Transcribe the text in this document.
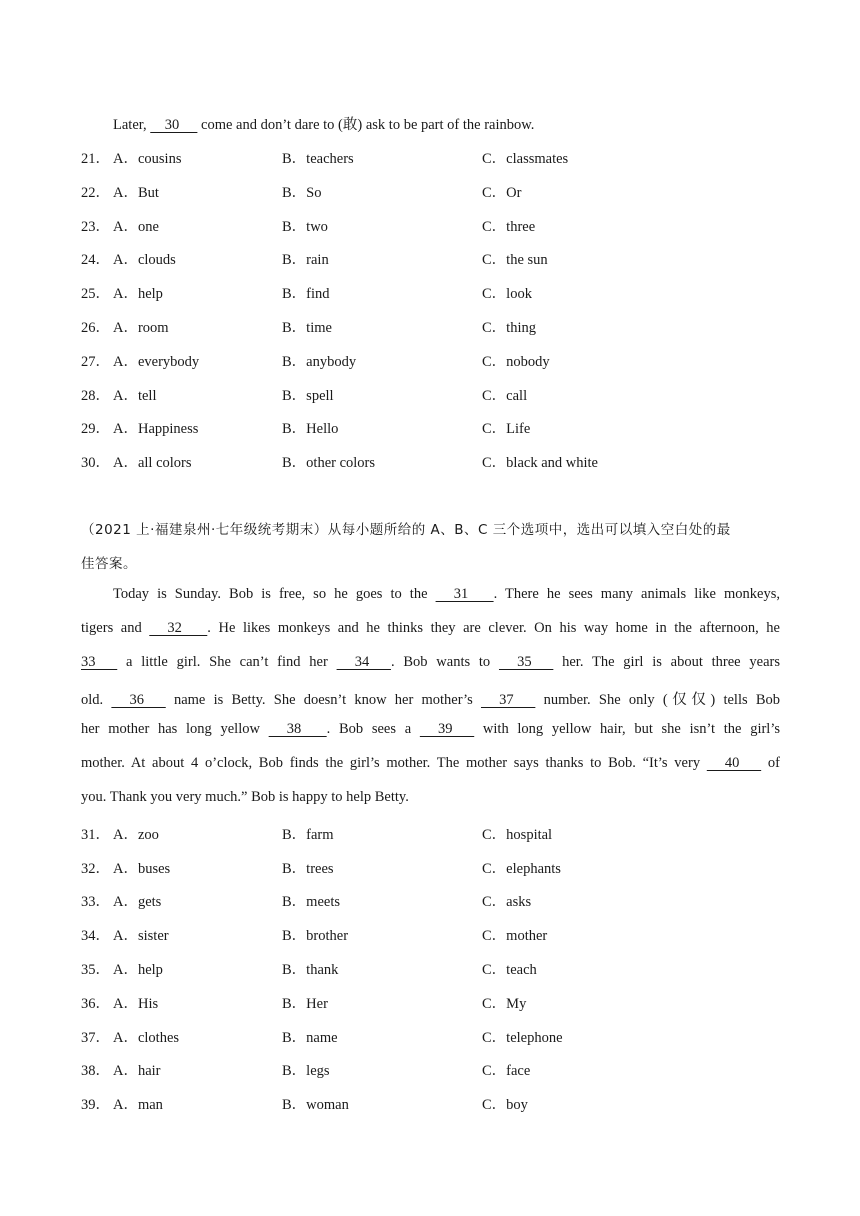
Later,     30      come and don’t dare to (敢) ask to be part of the rainbow.
21． A．cousins	B．teachers	C．classmates
22． A．But	B．So	C．Or
23． A．one	B．two	C．three
24． A．clouds	B．rain	C．the sun
25． A．help	B．find	C．look
26． A．room	B．time	C．thing
27． A．everybody	B．anybody	C．nobody
28． A．tell	B．spell	C．call
29． A．Happiness	B．Hello	C．Life
30． A．all colors	B．other colors	C．black and white
（2021 上·福建泉州·七年级统考期末）从每小题所给的 A、B、C 三个选项中，选出可以填入空白处的最
佳答案。
Today is Sunday. Bob is free, so he goes to the      31       . There he sees many animals like monkeys,
tigers and      32       . He likes monkeys and he thinks they are clever. On his way home in the afternoon, he
33       a little girl. She can’t find her      34      . Bob wants to      35       her. The girl is about three years
old.      36       name is Betty. She doesn’t know her mother’s      37       number. She only (仅仅) tells Bob
her mother has long yellow      38       . Bob sees a      39       with long yellow hair, but she isn’t the girl’s
mother. At about 4 o’clock, Bob finds the girl’s mother. The mother says thanks to Bob. “It’s very      40       of
you. Thank you very much.” Bob is happy to help Betty.
31． A．zoo	B．farm	C．hospital
32． A．buses	B．trees	C．elephants
33． A．gets	B．meets	C．asks
34． A．sister	B．brother	C．mother
35． A．help	B．thank	C．teach
36． A．His	B．Her	C．My
37． A．clothes	B．name	C．telephone
38． A．hair	B．legs	C．face
39． A．man	B．woman	C．boy
